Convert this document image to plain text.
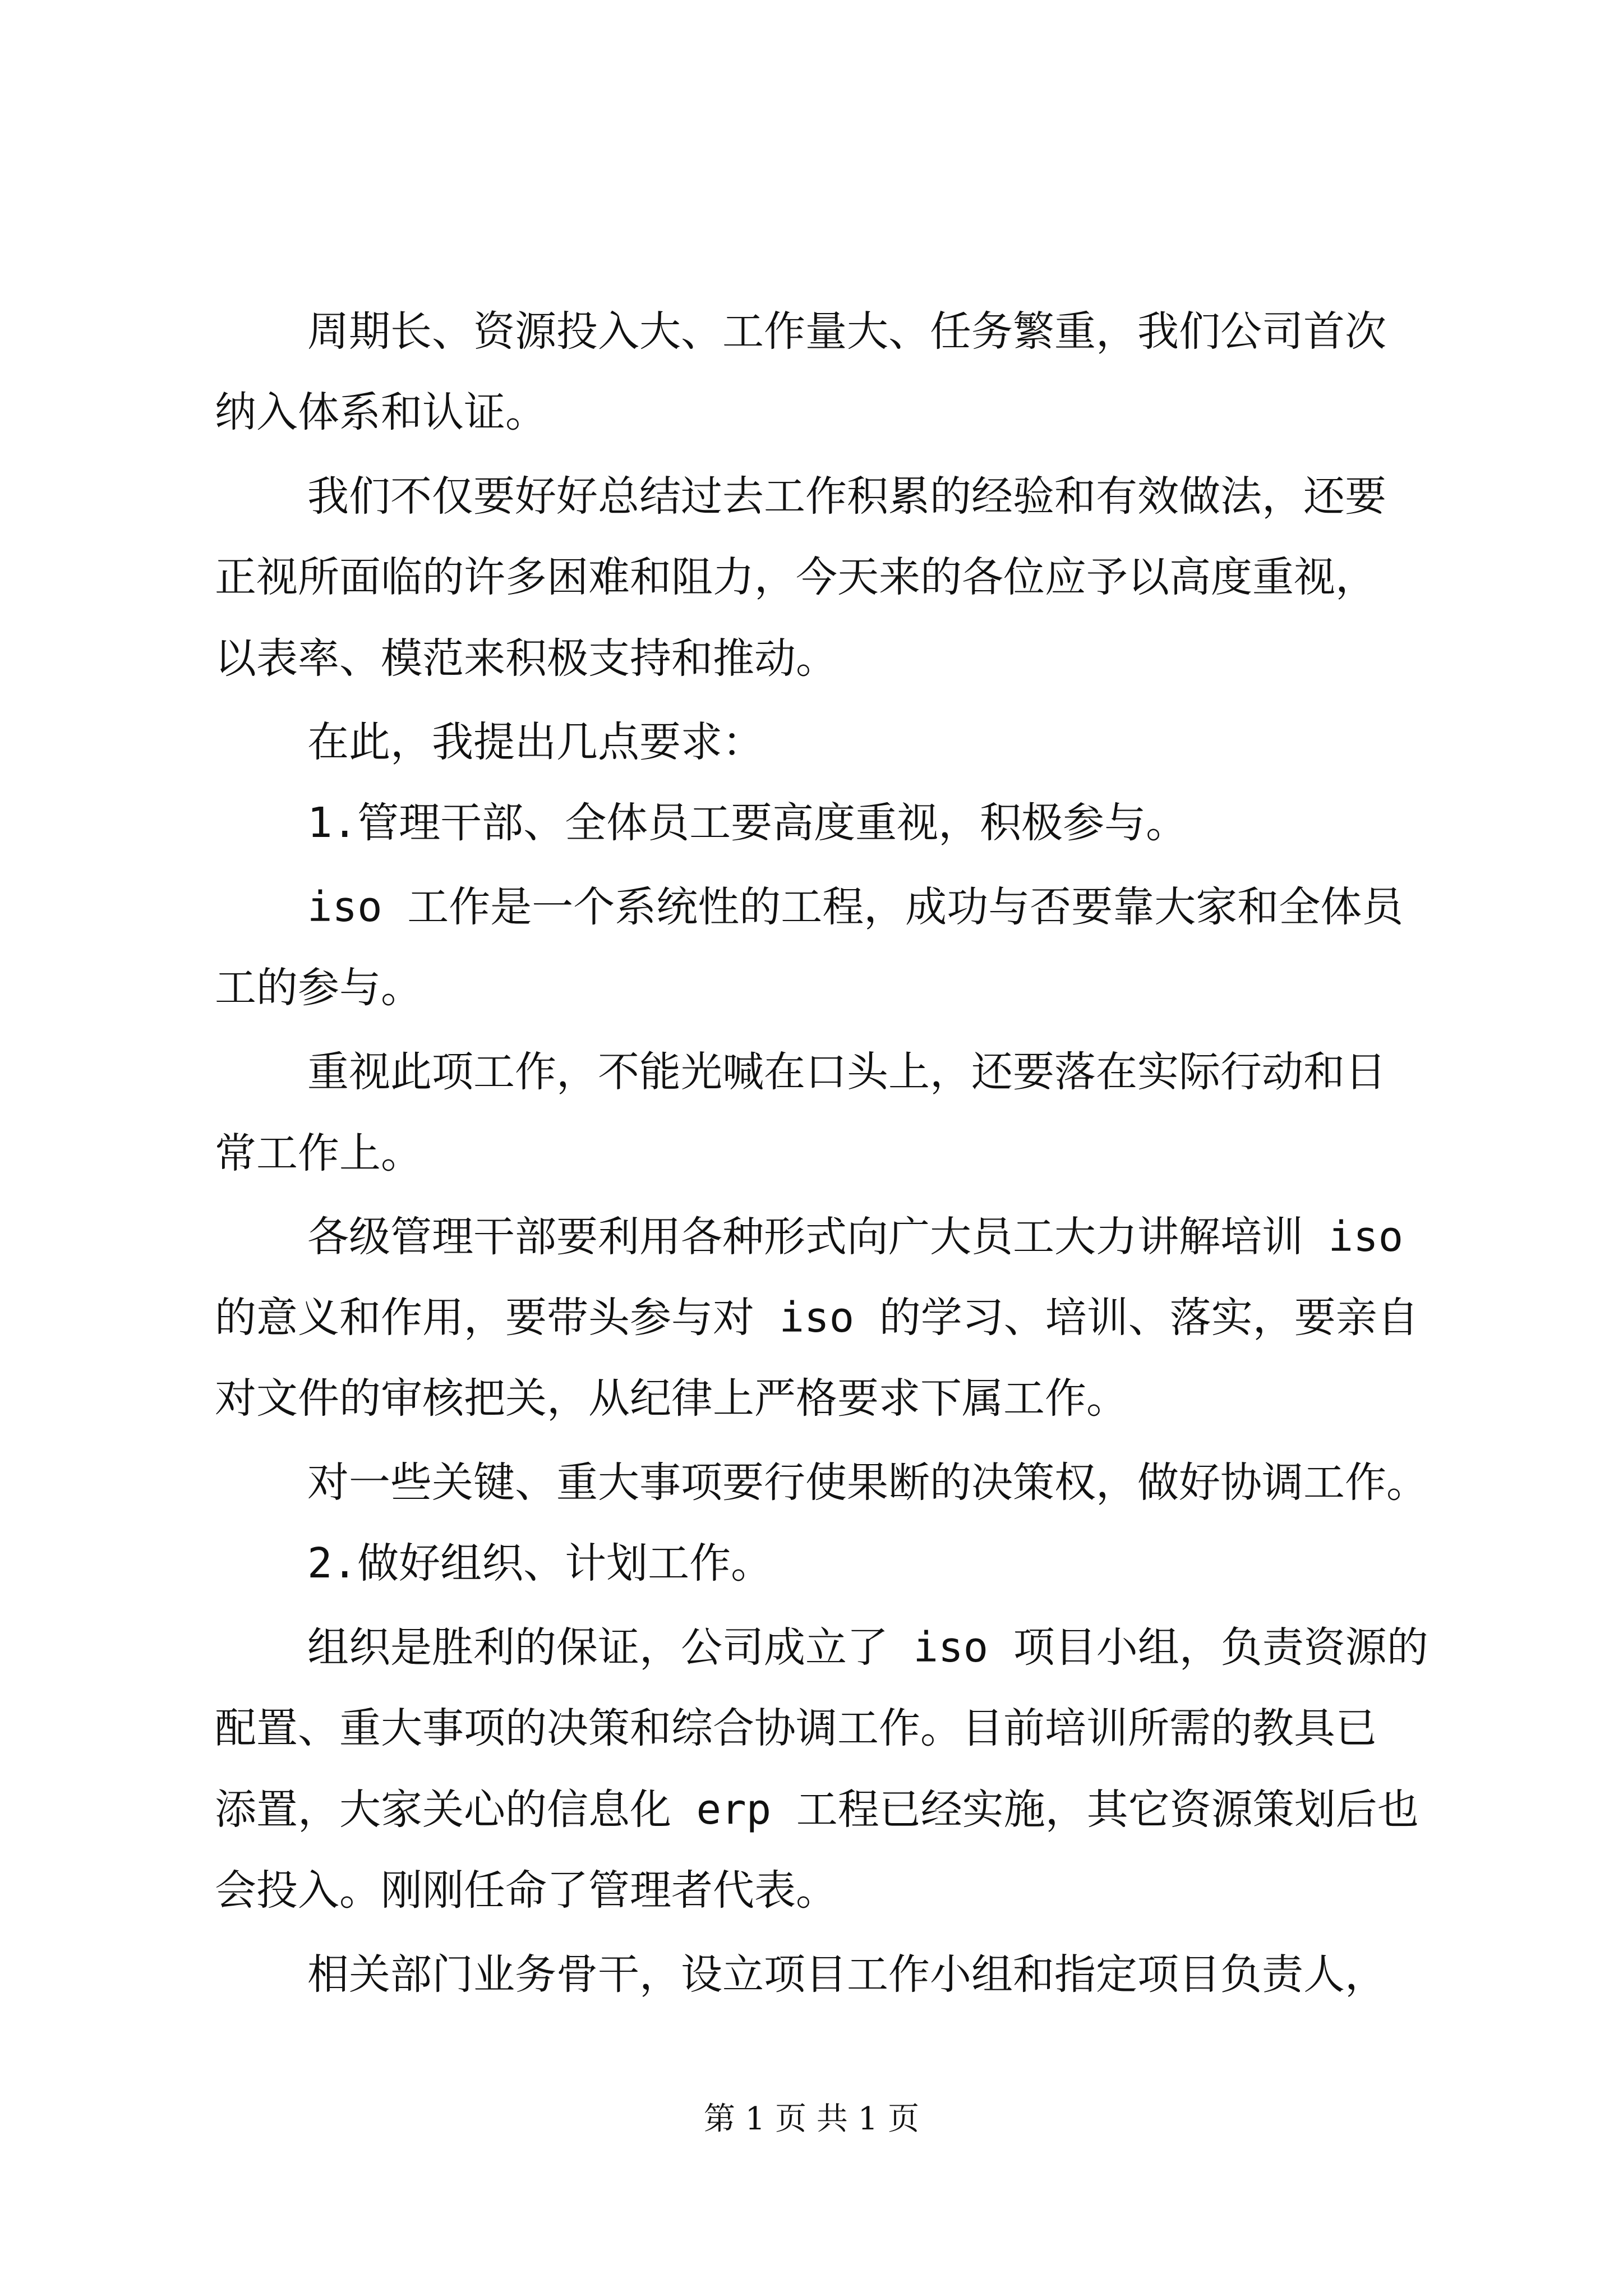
周期长、资源投入大、工作量大、任务繁重，我们公司首次

纳入体系和认证。

我们不仅要好好总结过去工作积累的经验和有效做法，还要

正视所面临的许多困难和阻力，今天来的各位应予以高度重视，

以表率、模范来积极支持和推动。

在此，我提出几点要求：

1.管理干部、全体员工要高度重视，积极参与。

iso 工作是一个系统性的工程，成功与否要靠大家和全体员

工的参与。

重视此项工作，不能光喊在口头上，还要落在实际行动和日

常工作上。

各级管理干部要利用各种形式向广大员工大力讲解培训 iso

的意义和作用，要带头参与对 iso 的学习、培训、落实，要亲自

对文件的审核把关，从纪律上严格要求下属工作。

对一些关键、重大事项要行使果断的决策权，做好协调工作。

2.做好组织、计划工作。

组织是胜利的保证，公司成立了 iso 项目小组，负责资源的

配置、重大事项的决策和综合协调工作。目前培训所需的教具已

添置，大家关心的信息化 erp 工程已经实施，其它资源策划后也

会投入。刚刚任命了管理者代表。

相关部门业务骨干，设立项目工作小组和指定项目负责人，

第 1 页 共 1 页
